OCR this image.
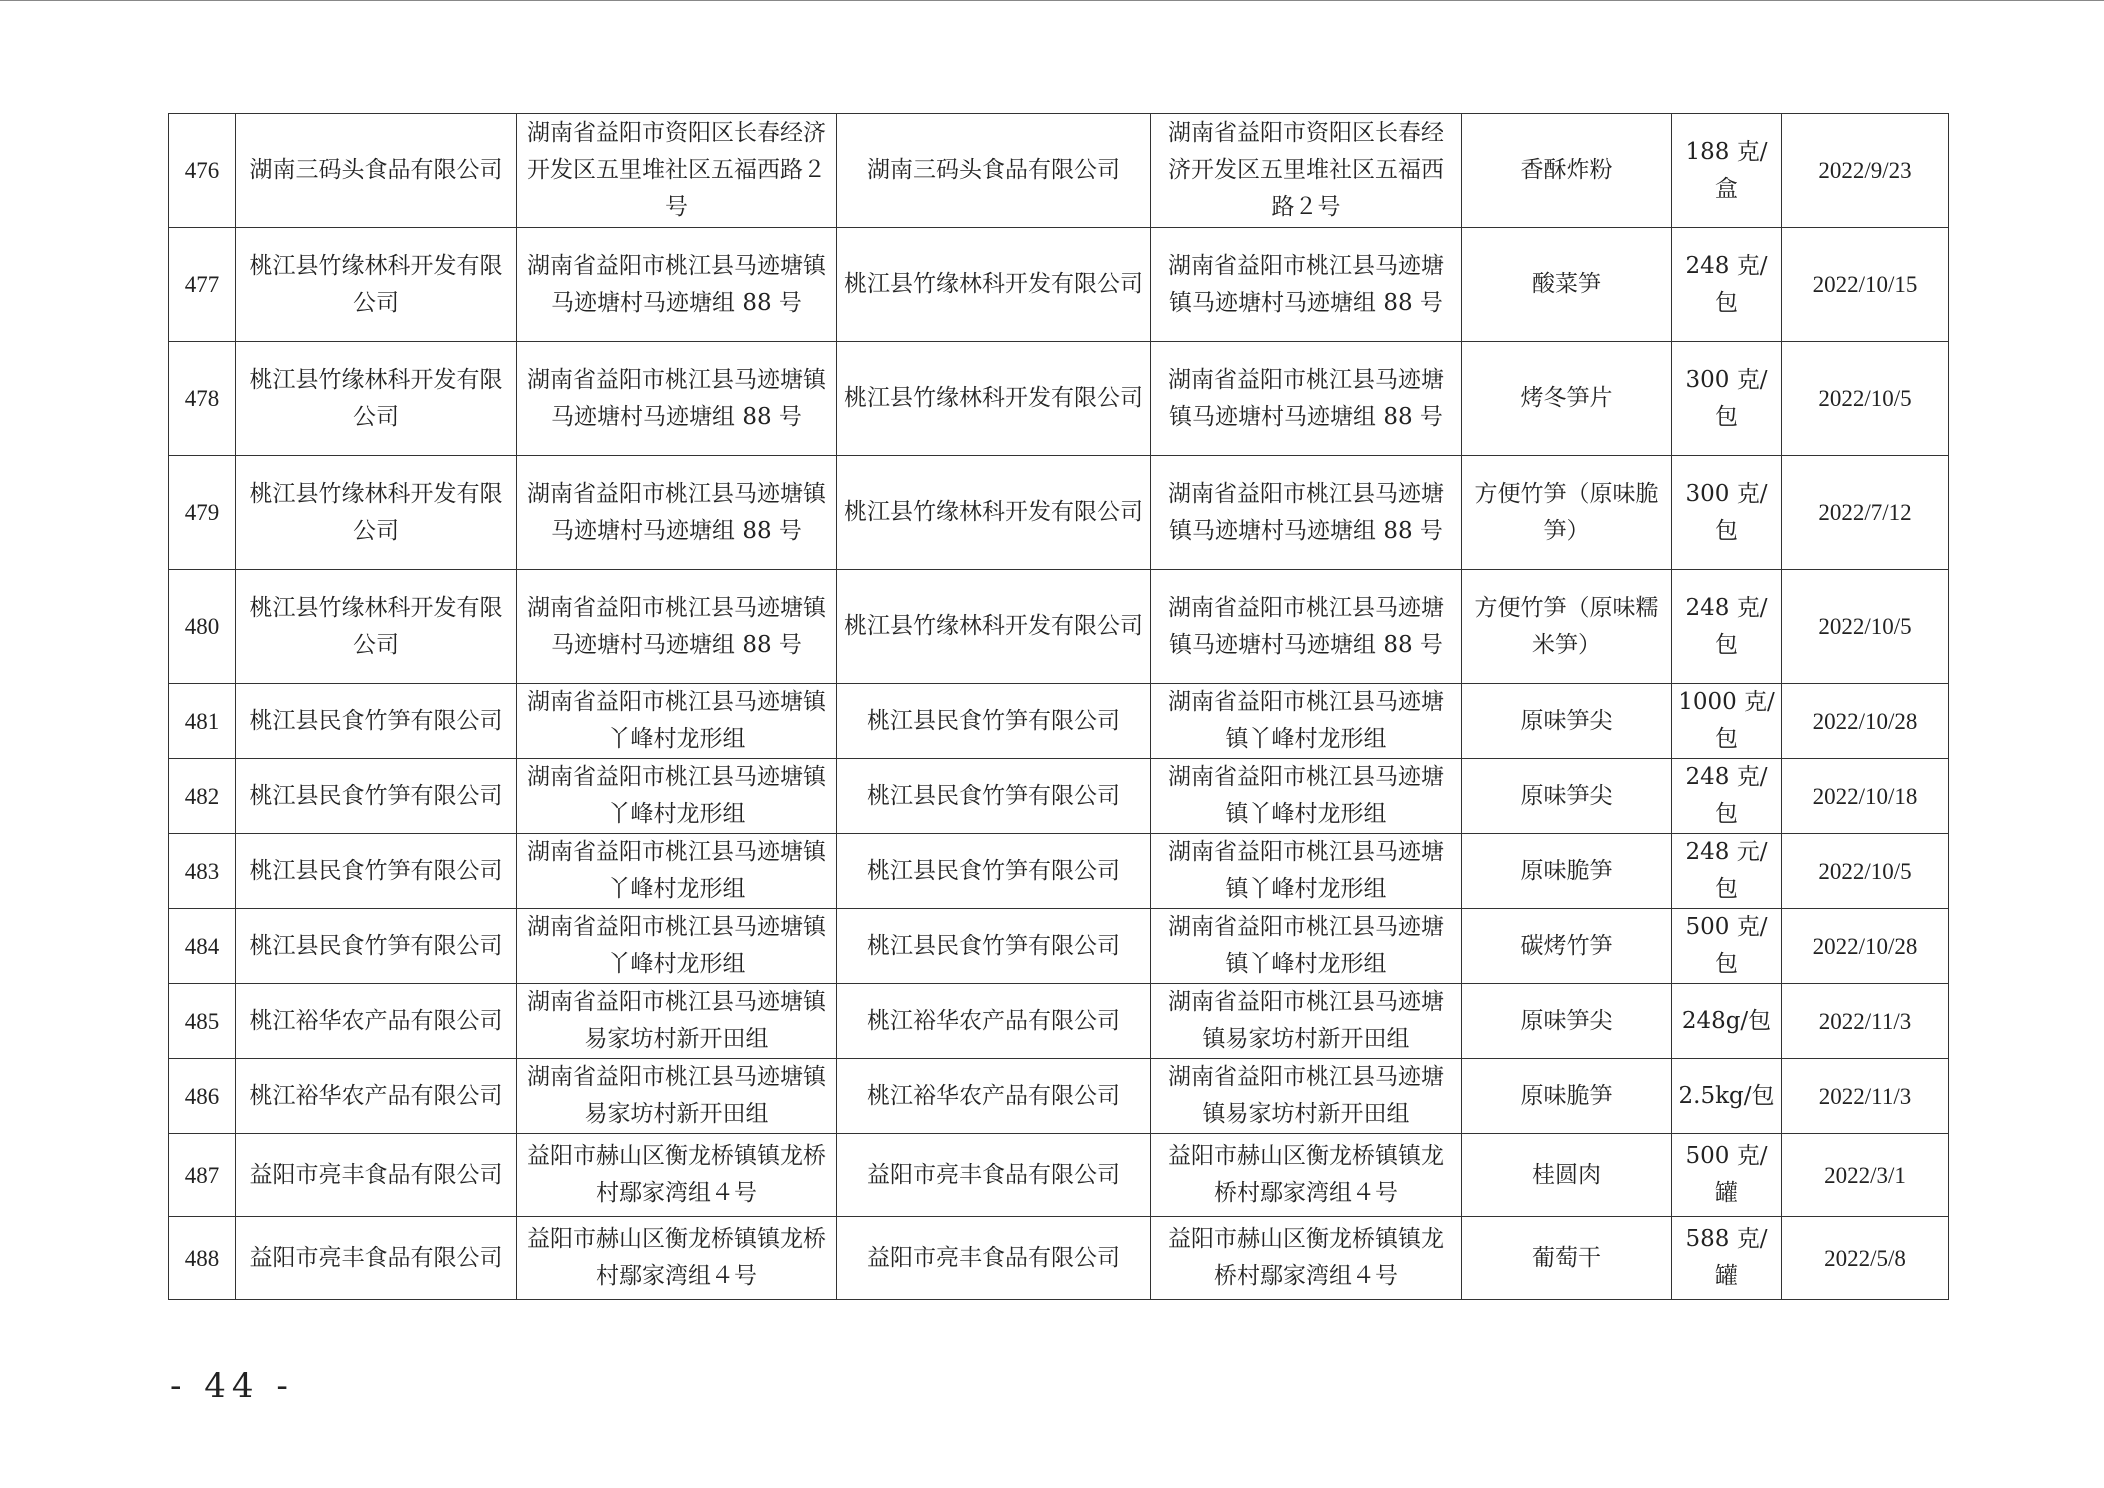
476	湖南三码头食品有限公司	湖南省益阳市资阳区长春经济开发区五里堆社区五福西路２号	湖南三码头食品有限公司	湖南省益阳市资阳区长春经济开发区五里堆社区五福西路２号	香酥炸粉	188 克/盒	2022/9/23
477	桃江县竹缘林科开发有限公司	湖南省益阳市桃江县马迹塘镇马迹塘村马迹塘组 88 号	桃江县竹缘林科开发有限公司	湖南省益阳市桃江县马迹塘镇马迹塘村马迹塘组 88 号	酸菜笋	248 克/包	2022/10/15
478	桃江县竹缘林科开发有限公司	湖南省益阳市桃江县马迹塘镇马迹塘村马迹塘组 88 号	桃江县竹缘林科开发有限公司	湖南省益阳市桃江县马迹塘镇马迹塘村马迹塘组 88 号	烤冬笋片	300 克/包	2022/10/5
479	桃江县竹缘林科开发有限公司	湖南省益阳市桃江县马迹塘镇马迹塘村马迹塘组 88 号	桃江县竹缘林科开发有限公司	湖南省益阳市桃江县马迹塘镇马迹塘村马迹塘组 88 号	方便竹笋（原味脆笋）	300 克/包	2022/7/12
480	桃江县竹缘林科开发有限公司	湖南省益阳市桃江县马迹塘镇马迹塘村马迹塘组 88 号	桃江县竹缘林科开发有限公司	湖南省益阳市桃江县马迹塘镇马迹塘村马迹塘组 88 号	方便竹笋（原味糯米笋）	248 克/包	2022/10/5
481	桃江县民食竹笋有限公司	湖南省益阳市桃江县马迹塘镇丫峰村龙形组	桃江县民食竹笋有限公司	湖南省益阳市桃江县马迹塘镇丫峰村龙形组	原味笋尖	1000 克/包	2022/10/28
482	桃江县民食竹笋有限公司	湖南省益阳市桃江县马迹塘镇丫峰村龙形组	桃江县民食竹笋有限公司	湖南省益阳市桃江县马迹塘镇丫峰村龙形组	原味笋尖	248 克/包	2022/10/18
483	桃江县民食竹笋有限公司	湖南省益阳市桃江县马迹塘镇丫峰村龙形组	桃江县民食竹笋有限公司	湖南省益阳市桃江县马迹塘镇丫峰村龙形组	原味脆笋	248 元/包	2022/10/5
484	桃江县民食竹笋有限公司	湖南省益阳市桃江县马迹塘镇丫峰村龙形组	桃江县民食竹笋有限公司	湖南省益阳市桃江县马迹塘镇丫峰村龙形组	碳烤竹笋	500 克/包	2022/10/28
485	桃江裕华农产品有限公司	湖南省益阳市桃江县马迹塘镇易家坊村新开田组	桃江裕华农产品有限公司	湖南省益阳市桃江县马迹塘镇易家坊村新开田组	原味笋尖	248g/包	2022/11/3
486	桃江裕华农产品有限公司	湖南省益阳市桃江县马迹塘镇易家坊村新开田组	桃江裕华农产品有限公司	湖南省益阳市桃江县马迹塘镇易家坊村新开田组	原味脆笋	2.5kg/包	2022/11/3
487	益阳市亮丰食品有限公司	益阳市赫山区衡龙桥镇镇龙桥村鄢家湾组４号	益阳市亮丰食品有限公司	益阳市赫山区衡龙桥镇镇龙桥村鄢家湾组４号	桂圆肉	500 克/罐	2022/3/1
488	益阳市亮丰食品有限公司	益阳市赫山区衡龙桥镇镇龙桥村鄢家湾组４号	益阳市亮丰食品有限公司	益阳市赫山区衡龙桥镇镇龙桥村鄢家湾组４号	葡萄干	588 克/罐	2022/5/8
- 44 -
